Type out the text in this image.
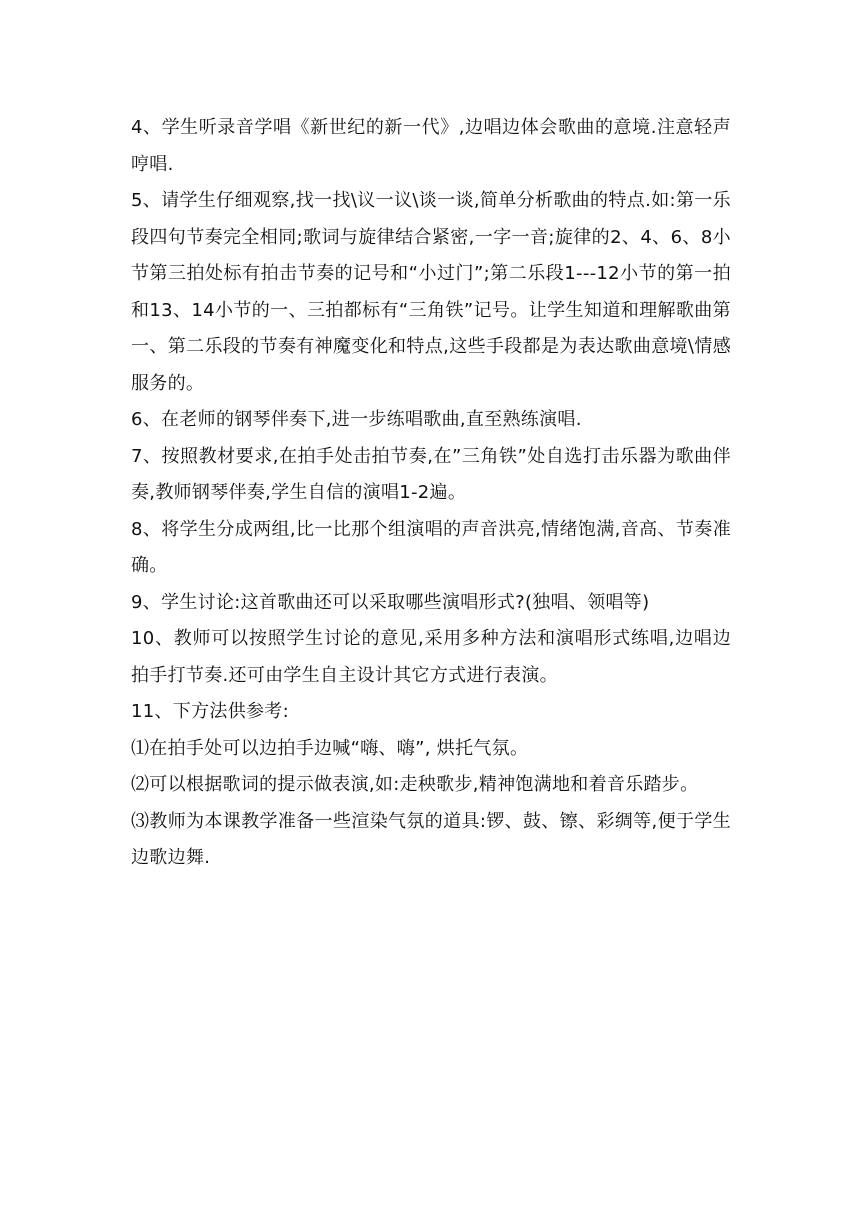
4、学生听录音学唱《新世纪的新一代》,边唱边体会歌曲的意境.注意轻声哼唱.

5、请学生仔细观察,找一找\议一议\谈一谈,简单分析歌曲的特点.如:第一乐段四句节奏完全相同;歌词与旋律结合紧密,一字一音;旋律的2、4、6、8小节第三拍处标有拍击节奏的记号和“小过门”;第二乐段1---12小节的第一拍和13、14小节的一、三拍都标有“三角铁”记号。让学生知道和理解歌曲第一、第二乐段的节奏有神魔变化和特点,这些手段都是为表达歌曲意境\情感服务的。

6、在老师的钢琴伴奏下,进一步练唱歌曲,直至熟练演唱.

7、按照教材要求,在拍手处击拍节奏,在”三角铁”处自选打击乐器为歌曲伴奏,教师钢琴伴奏,学生自信的演唱1-2遍。

8、将学生分成两组,比一比那个组演唱的声音洪亮,情绪饱满,音高、节奏准确。

9、学生讨论:这首歌曲还可以采取哪些演唱形式?(独唱、领唱等)

10、教师可以按照学生讨论的意见,采用多种方法和演唱形式练唱,边唱边拍手打节奏.还可由学生自主设计其它方式进行表演。

11、下方法供参考:

⑴在拍手处可以边拍手边喊“嗨、嗨”, 烘托气氛。

⑵可以根据歌词的提示做表演,如:走秧歌步,精神饱满地和着音乐踏步。

⑶教师为本课教学准备一些渲染气氛的道具:锣、鼓、镲、彩绸等,便于学生边歌边舞.
